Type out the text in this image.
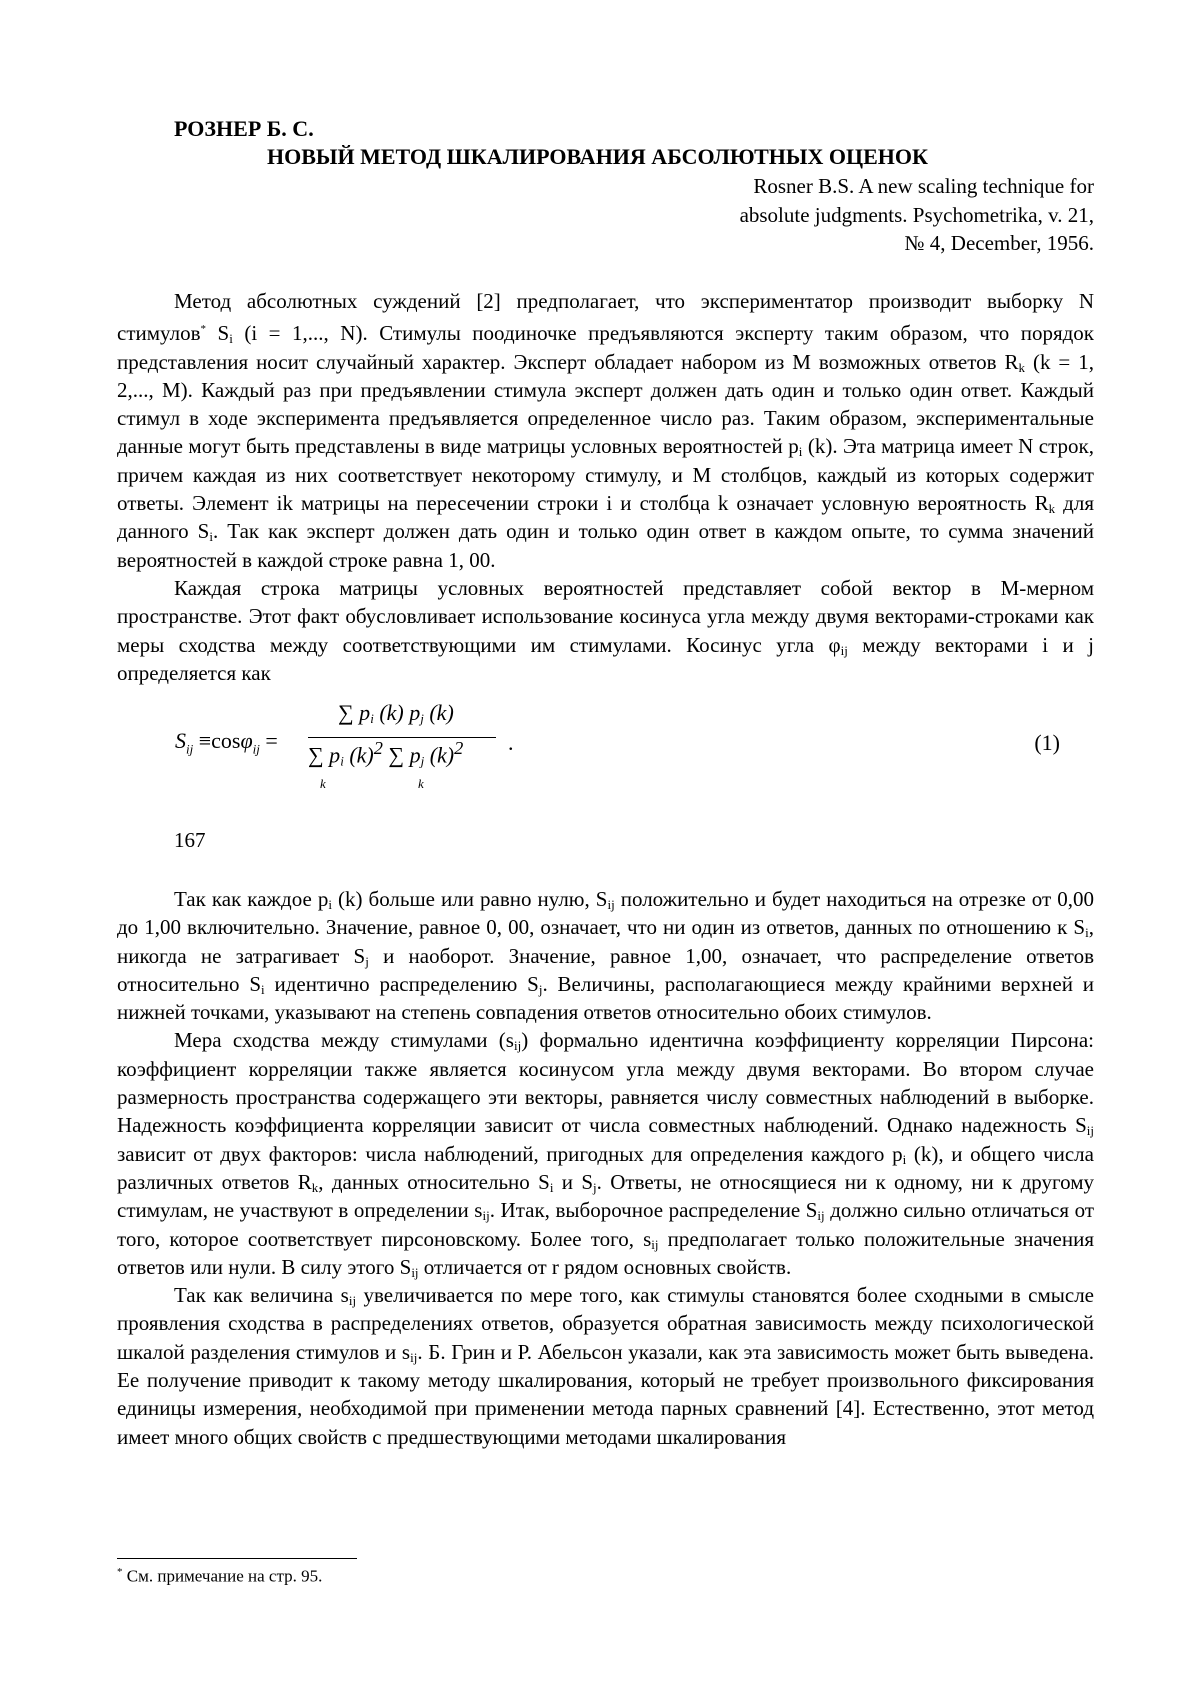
РОЗНЕР Б. С.
НОВЫЙ МЕТОД ШКАЛИРОВАНИЯ АБСОЛЮТНЫХ ОЦЕНОК
Rosner B.S. A new scaling technique for
absolute judgments. Psychometrika, v. 21,
№ 4, December, 1956.

Метод абсолютных суждений [2] предполагает, что экспериментатор производит выборку N стимулов* $S_i$ (i = 1,..., N). Стимулы поодиночке предъявляются эксперту таким образом, что порядок представления носит случайный характер. Эксперт обладает набором из M возможных ответов $R_k$ (k = 1, 2,..., M). Каждый раз при предъявлении стимула эксперт должен дать один и только один ответ. Каждый стимул в ходе эксперимента предъявляется определенное число раз. Таким образом, экспериментальные данные могут быть представлены в виде матрицы условных вероятностей $p_i$ (k). Эта матрица имеет N строк, причем каждая из них соответствует некоторому стимулу, и M столбцов, каждый из которых содержит ответы. Элемент ik матрицы на пересечении строки i и столбца k означает условную вероятность $R_k$ для данного $S_i$. Так как эксперт должен дать один и только один ответ в каждом опыте, то сумма значений вероятностей в каждой строке равна 1, 00.

Каждая строка матрицы условных вероятностей представляет собой вектор в M-мерном пространстве. Этот факт обусловливает использование косинуса угла между двумя векторами-строками как меры сходства между соответствующими им стимулами. Косинус угла $\varphi_{ij}$ между векторами i и j определяется как

$S_{ij} \equiv\cos\varphi_{ij}$ =
∑ $p_i$ (k) $p_j$ (k)
∑ $p_i$ $(k)^2$ ∑ $p_j$ $(k)^2$
k	k
.	(1)
167

Так как каждое $p_i$ (k) больше или равно нулю, $S_{ij}$ положительно и будет находиться на отрезке от 0,00 до 1,00 включительно. Значение, равное 0, 00, означает, что ни один из ответов, данных по отношению к $S_i$, никогда не затрагивает $S_j$ и наоборот. Значение, равное 1,00, означает, что распределение ответов относительно $S_i$ идентично распределению $S_j$. Величины, располагающиеся между крайними верхней и нижней точками, указывают на степень совпадения ответов относительно обоих стимулов.

Мера сходства между стимулами $(s_{ij})$ формально идентична коэффициенту корреляции Пирсона: коэффициент корреляции также является косинусом угла между двумя векторами. Во втором случае размерность пространства содержащего эти векторы, равняется числу совместных наблюдений в выборке. Надежность коэффициента корреляции зависит от числа совместных наблюдений. Однако надежность $S_{ij}$ зависит от двух факторов: числа наблюдений, пригодных для определения каждого $p_i$ (k), и общего числа различных ответов $R_k$, данных относительно $S_i$ и $S_j$. Ответы, не относящиеся ни к одному, ни к другому стимулам, не участвуют в определении $s_{ij}$. Итак, выборочное распределение $S_{ij}$ должно сильно отличаться от того, которое соответствует пирсоновскому. Более того, $s_{ij}$ предполагает только положительные значения ответов или нули. В силу этого $S_{ij}$ отличается от r рядом основных свойств.

Так как величина $s_{ij}$ увеличивается по мере того, как стимулы становятся более сходными в смысле проявления сходства в распределениях ответов, образуется обратная зависимость между психологической шкалой разделения стимулов и $s_{ij}$. Б. Грин и Р. Абельсон указали, как эта зависимость может быть выведена. Ее получение приводит к такому методу шкалирования, который не требует произвольного фиксирования единицы измерения, необходимой при применении метода парных сравнений [4]. Естественно, этот метод имеет много общих свойств с предшествующими методами шкалирования

* См. примечание на стр. 95.
